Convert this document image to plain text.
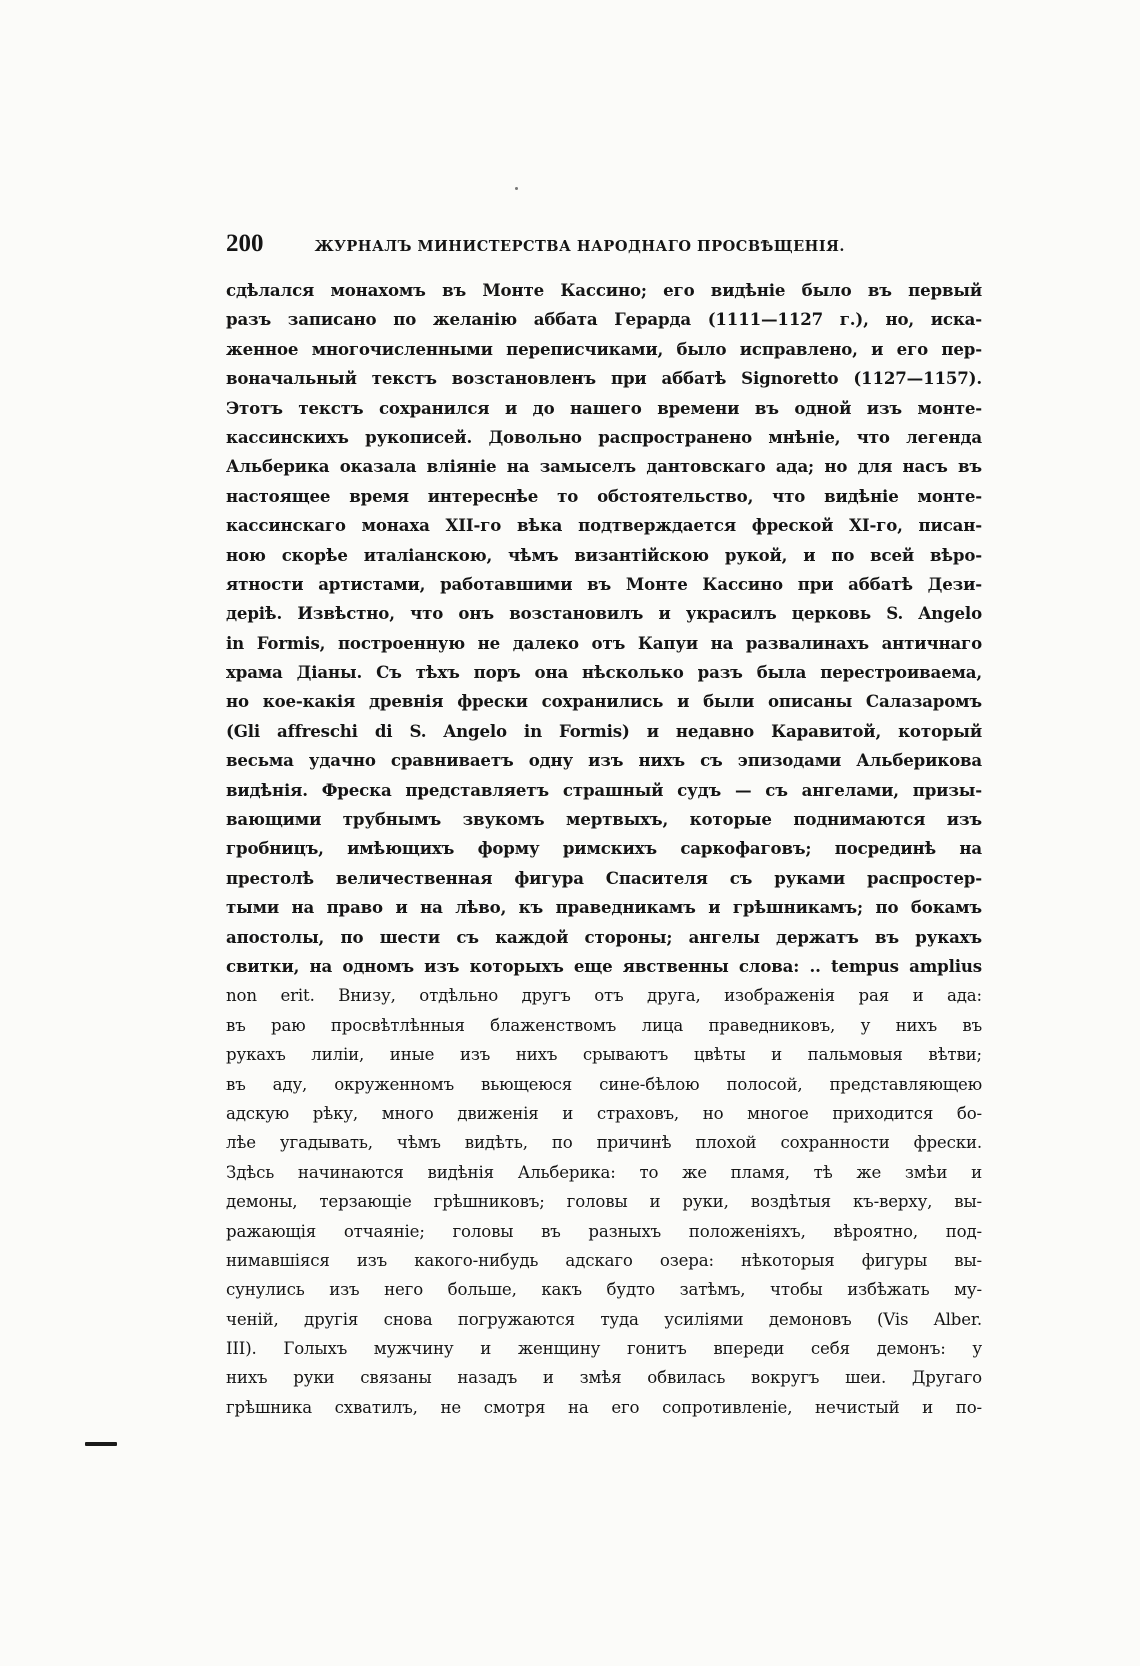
200	ЖУРНАЛЪ МИНИСТЕРСТВА НАРОДНАГО ПРОСВѢЩЕНІЯ.
сдѣлался монахомъ въ Монте Кассино; его видѣніе было въ первый
разъ записано по желанію аббата Герарда (1111—1127 г.), но, иска-
женное многочисленными переписчиками, было исправлено, и его пер-
воначальный текстъ возстановленъ при аббатѣ Signoretto (1127—1157).
Этотъ текстъ сохранился и до нашего времени въ одной изъ монте-
кассинскихъ рукописей. Довольно распространено мнѣніе, что легенда
Альберика оказала вліяніе на замыселъ дантовскаго ада; но для насъ въ
настоящее время интереснѣе то обстоятельство, что видѣніе монте-
кассинскаго монаха XII-го вѣка подтверждается фреской XI-го, писан-
ною скорѣе италіанскою, чѣмъ византійскою рукой, и по всей вѣро-
ятности артистами, работавшими въ Монте Кассино при аббатѣ Дези-
деріѣ. Извѣстно, что онъ возстановилъ и украсилъ церковь S. Angelo
in Formis, построенную не далеко отъ Капуи на развалинахъ античнаго
храма Діаны. Съ тѣхъ поръ она нѣсколько разъ была перестроиваема,
но кое-какія древнія фрески сохранились и были описаны Салазаромъ
(Gli affreschi di S. Angelo in Formis) и недавно Каравитой, который
весьма удачно сравниваетъ одну изъ нихъ съ эпизодами Альберикова
видѣнія. Фреска представляетъ страшный судъ — съ ангелами, призы-
вающими трубнымъ звукомъ мертвыхъ, которые поднимаются изъ
гробницъ, имѣющихъ форму римскихъ саркофаговъ; посрединѣ на
престолѣ величественная фигура Спасителя съ руками распростер-
тыми на право и на лѣво, къ праведникамъ и грѣшникамъ; по бокамъ
апостолы, по шести съ каждой стороны; ангелы держатъ въ рукахъ
свитки, на одномъ изъ которыхъ еще явственны слова: .. tempus amplius
non erit. Внизу, отдѣльно другъ отъ друга, изображенія рая и ада:
въ раю просвѣтлѣнныя блаженствомъ лица праведниковъ, у нихъ въ
рукахъ лиліи, иные изъ нихъ срываютъ цвѣты и пальмовыя вѣтви;
въ аду, окруженномъ вьющеюся сине-бѣлою полосой, представляющею
адскую рѣку, много движенія и страховъ, но многое приходится бо-
лѣе угадывать, чѣмъ видѣть, по причинѣ плохой сохранности фрески.
Здѣсь начинаются видѣнія Альберика: то же пламя, тѣ же змѣи и
демоны, терзающіе грѣшниковъ; головы и руки, воздѣтыя къ-верху, вы-
ражающія отчаяніе; головы въ разныхъ положеніяхъ, вѣроятно, под-
нимавшіяся изъ какого-нибудь адскаго озера: нѣкоторыя фигуры вы-
сунулись изъ него больше, какъ будто затѣмъ, чтобы избѣжать му-
ченій, другія снова погружаются туда усиліями демоновъ (Vis Alber.
III). Голыхъ мужчину и женщину гонитъ впереди себя демонъ: у
нихъ руки связаны назадъ и змѣя обвилась вокругъ шеи. Другаго
грѣшника схватилъ, не смотря на его сопротивленіе, нечистый и по-
